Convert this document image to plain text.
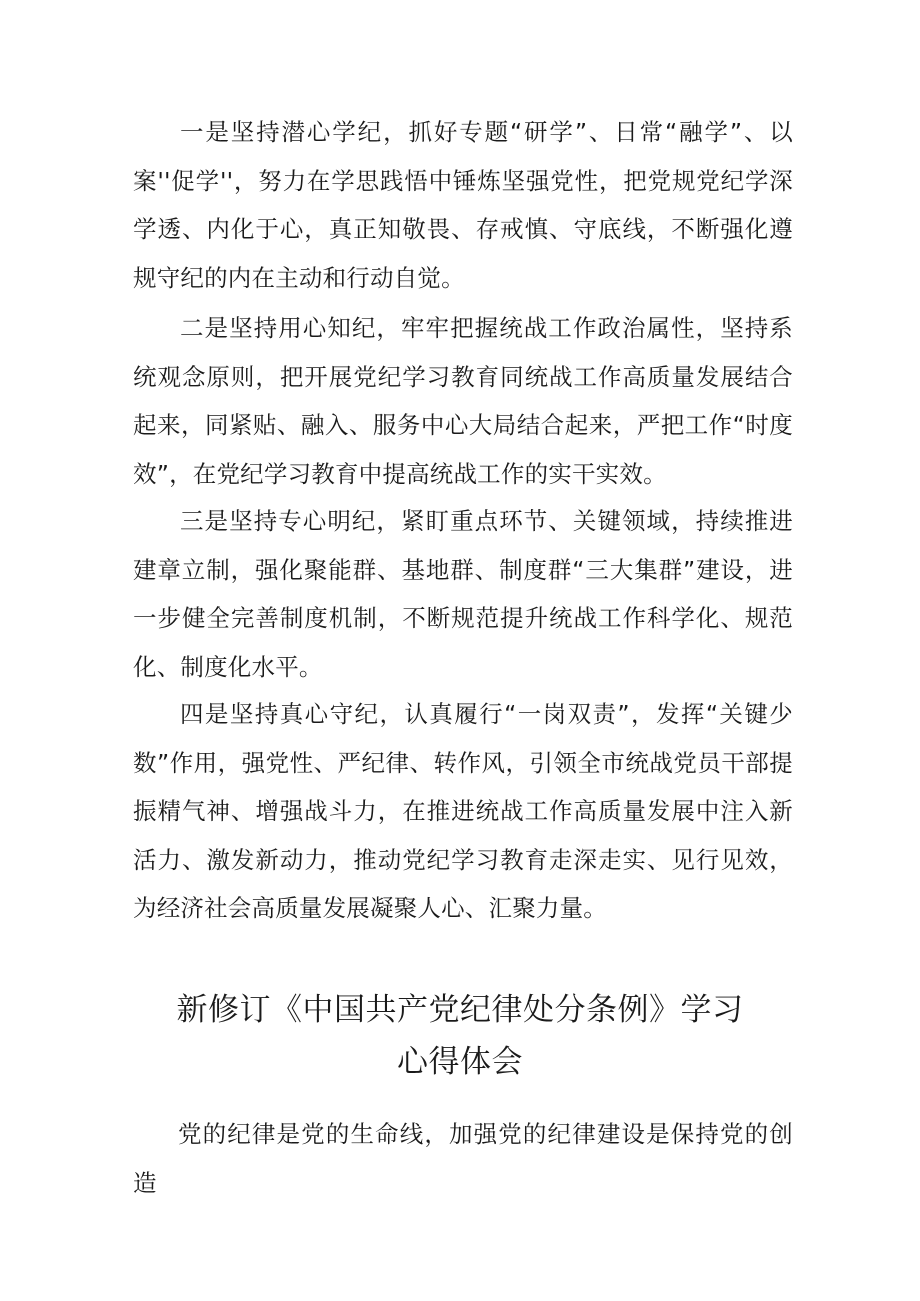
一是坚持潜心学纪，抓好专题“研学”、日常“融学”、以案''促学''，努力在学思践悟中锤炼坚强党性，把党规党纪学深学透、内化于心，真正知敬畏、存戒慎、守底线，不断强化遵规守纪的内在主动和行动自觉。

二是坚持用心知纪，牢牢把握统战工作政治属性，坚持系统观念原则，把开展党纪学习教育同统战工作高质量发展结合起来，同紧贴、融入、服务中心大局结合起来，严把工作“时度效”，在党纪学习教育中提高统战工作的实干实效。

三是坚持专心明纪，紧盯重点环节、关键领域，持续推进建章立制，强化聚能群、基地群、制度群“三大集群”建设，进一步健全完善制度机制，不断规范提升统战工作科学化、规范化、制度化水平。

四是坚持真心守纪，认真履行“一岗双责”，发挥“关键少数”作用，强党性、严纪律、转作风，引领全市统战党员干部提振精气神、增强战斗力，在推进统战工作高质量发展中注入新活力、激发新动力，推动党纪学习教育走深走实、见行见效，为经济社会高质量发展凝聚人心、汇聚力量。

新修订《中国共产党纪律处分条例》学习
心得体会

党的纪律是党的生命线，加强党的纪律建设是保持党的创造
